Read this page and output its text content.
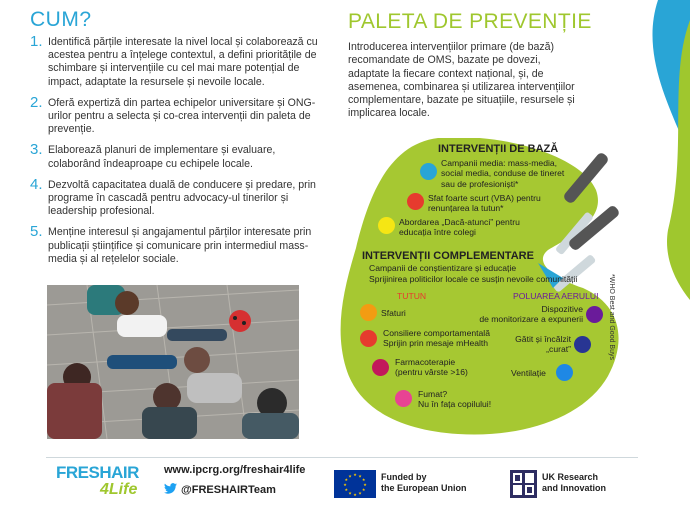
CUM?
1. Identifică părțile interesate la nivel local și colaborează cu acestea pentru a înțelege contextul, a defini prioritățile de schimbare și intervențiile cu cel mai mare potențial de impact, adaptate la resursele și nevoile locale.
2. Oferă expertiză din partea echipelor universitare și ONG-urilor pentru a selecta și co-crea intervenții din paleta de prevenție.
3. Elaborează planuri de implementare și evaluare, colaborând îndeaproape cu echipele locale.
4. Dezvoltă capacitatea duală de conducere și predare, prin programe în cascadă pentru advocacy-ul tinerilor și leadership profesional.
5. Menține interesul și angajamentul părților interesate prin publicații științifice și comunicare prin intermediul mass-media și al rețelelor sociale.
PALETA DE PREVENȚIE
Introducerea intervențiilor primare (de bază) recomandate de OMS, bazate pe dovezi, adaptate la fiecare context național, și, de asemenea, combinarea și utilizarea intervențiilor complementare, bazate pe situațiile, resursele și implicarea locale.
INTERVENȚII DE BAZĂ
Campanii media: mass-media,
social media, conduse de tineret
sau de profesioniști*
Sfat foarte scurt (VBA) pentru
renunțarea la tutun*
Abordarea „Dacă-atunci” pentru
educația între colegi
INTERVENȚII COMPLEMENTARE
Campanii de conștientizare și educație
Sprijinirea politicilor locale ce susțin nevoile comunității
TUTUN	POLUAREA AERULUI
Sfaturi
Consiliere comportamentală
Sprijin prin mesaje mHealth
Farmacoterapie
(pentru vârste >16)
Fumat?
Nu în fața copilului!
Dispozitive
de monitorizare a expunerii
Gătit și încălzit
„curat”
Ventilație
*WHO Best and Good Buys
FRESHAIR
4Life
www.ipcrg.org/freshair4life
@FRESHAIRTeam
★ ★
★
★
★
★
★
★
★
★
★
★	Funded by
the European Union
UK Research
and Innovation
